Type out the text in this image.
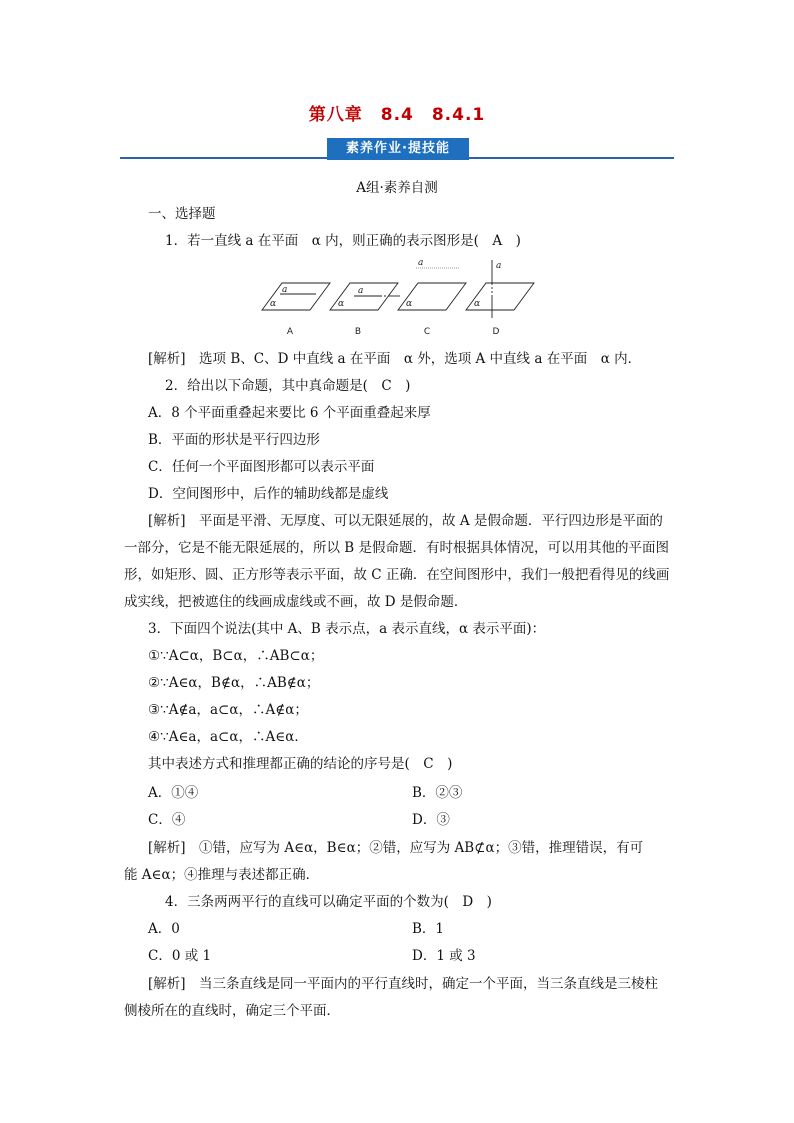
第八章　8.4　8.4.1
素养作业·提技能
A组·素养自测
一、选择题
1．若一直线 a 在平面　α 内，则正确的表示图形是(　A　)
a
α
a
α
a
α
a
α
A	B	C	D
[解析]　选项 B、C、D 中直线 a 在平面　α 外，选项 A 中直线 a 在平面　α 内．
2．给出以下命题，其中真命题是(　C　)
A．8 个平面重叠起来要比 6 个平面重叠起来厚
B．平面的形状是平行四边形
C．任何一个平面图形都可以表示平面
D．空间图形中，后作的辅助线都是虚线
[解析]　平面是平滑、无厚度、可以无限延展的，故 A 是假命题．平行四边形是平面的
一部分，它是不能无限延展的，所以 B 是假命题．有时根据具体情况，可以用其他的平面图
形，如矩形、圆、正方形等表示平面，故 C 正确．在空间图形中，我们一般把看得见的线画
成实线，把被遮住的线画成虚线或不画，故 D 是假命题．
3．下面四个说法(其中 A、B 表示点，a 表示直线，α 表示平面)：
①∵A⊂α，B⊂α，∴AB⊂α；
②∵A∈α，B∉α，∴AB∉α；
③∵A∉a，a⊂α，∴A∉α；
④∵A∈a，a⊂α，∴A∈α．
其中表述方式和推理都正确的结论的序号是(　C　)
A．①④	B．②③
C．④	D．③
[解析]　①错，应写为 A∈α，B∈α；②错，应写为 AB⊄α；③错，推理错误，有可
能 A∈α；④推理与表述都正确．
4．三条两两平行的直线可以确定平面的个数为(　D　)
A．0	B．1
C．0 或 1	D．1 或 3
[解析]　当三条直线是同一平面内的平行直线时，确定一个平面，当三条直线是三棱柱
侧棱所在的直线时，确定三个平面．
